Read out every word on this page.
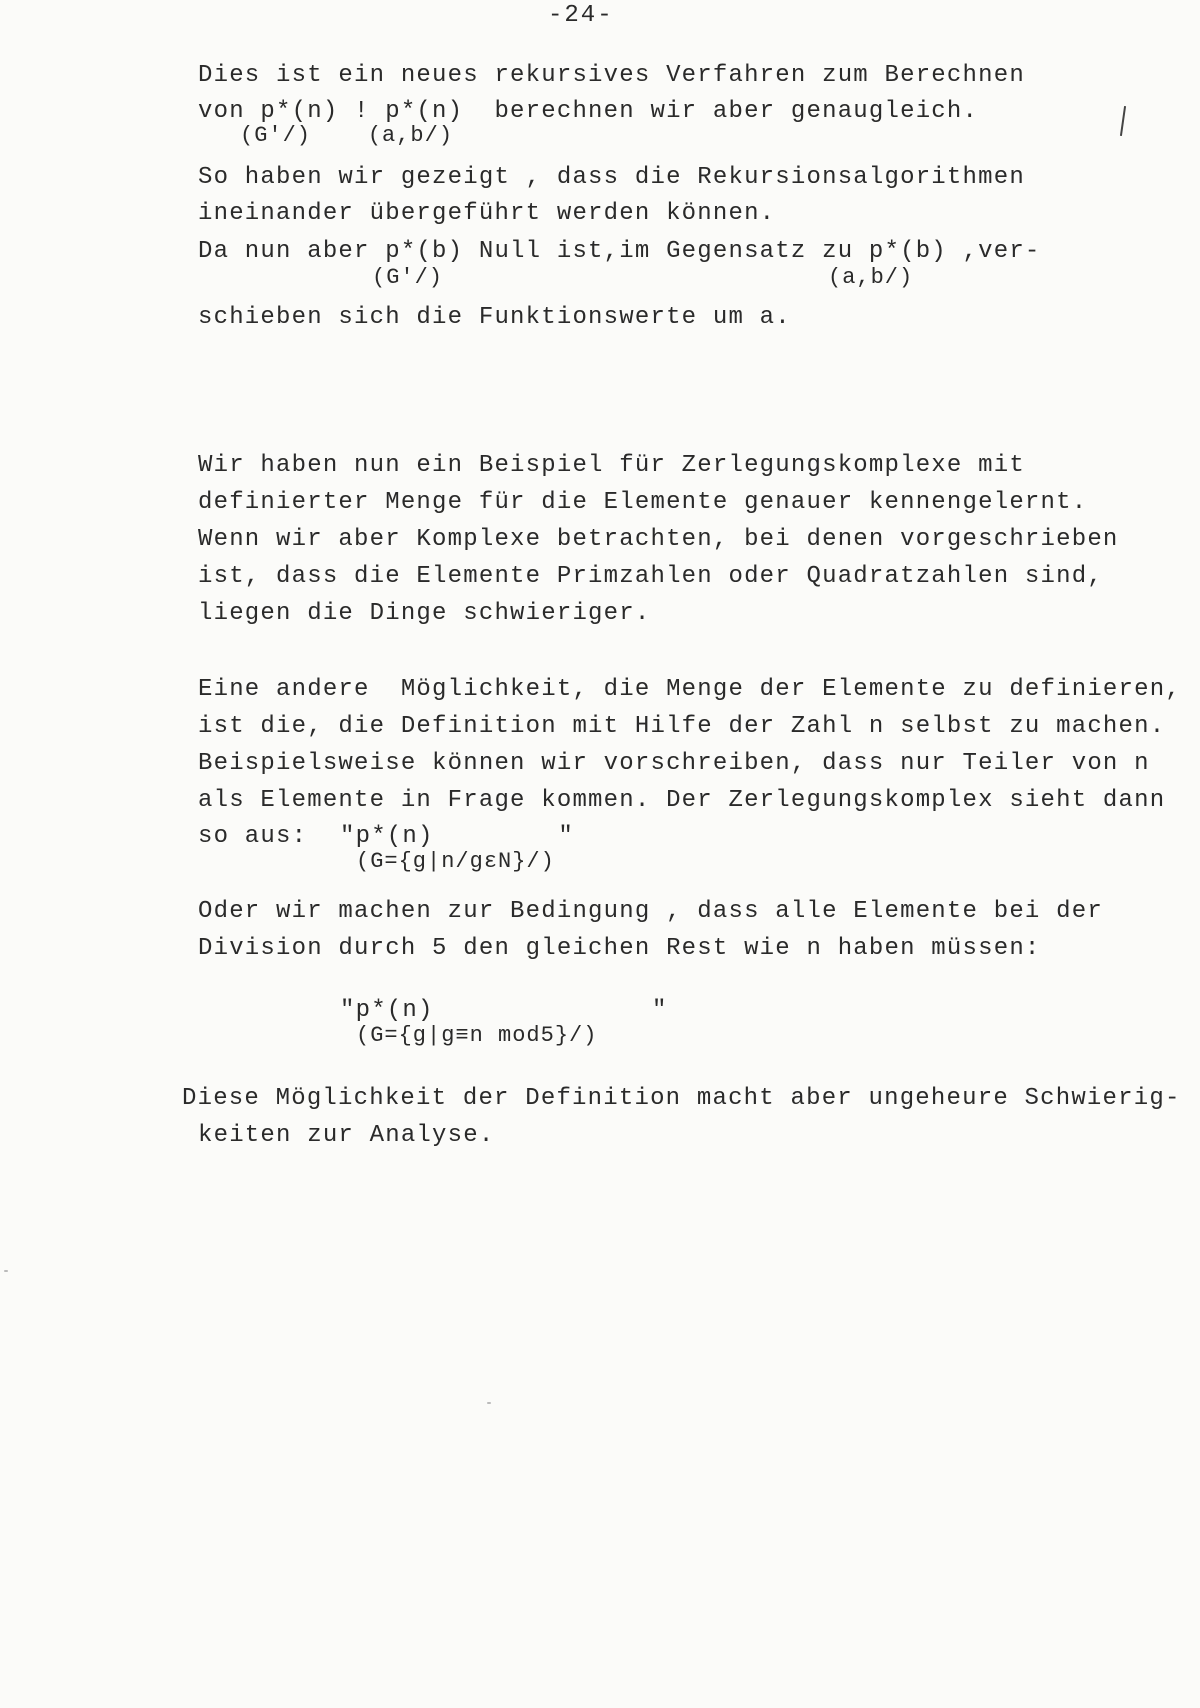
-24-
Dies ist ein neues rekursives Verfahren zum Berechnen
von p*(n) ! p*(n)  berechnen wir aber genaugleich.
(G'/)    (a,b/)
So haben wir gezeigt , dass die Rekursionsalgorithmen
ineinander übergeführt werden können.
Da nun aber p*(b) Null ist,im Gegensatz zu p*(b) ,ver-
(G'/)	(a,b/)
schieben sich die Funktionswerte um a.
Wir haben nun ein Beispiel für Zerlegungskomplexe mit
definierter Menge für die Elemente genauer kennengelernt.
Wenn wir aber Komplexe betrachten, bei denen vorgeschrieben
ist, dass die Elemente Primzahlen oder Quadratzahlen sind,
liegen die Dinge schwieriger.
Eine andere  Möglichkeit, die Menge der Elemente zu definieren,
ist die, die Definition mit Hilfe der Zahl n selbst zu machen.
Beispielsweise können wir vorschreiben, dass nur Teiler von n
als Elemente in Frage kommen. Der Zerlegungskomplex sieht dann
so aus: "p*(n)        "
(G={g|n/gεN}/)
Oder wir machen zur Bedingung , dass alle Elemente bei der
Division durch 5 den gleichen Rest wie n haben müssen:
"p*(n)              "
(G={g|g≡n mod5}/)
Diese Möglichkeit der Definition macht aber ungeheure Schwierig-
keiten zur Analyse.
